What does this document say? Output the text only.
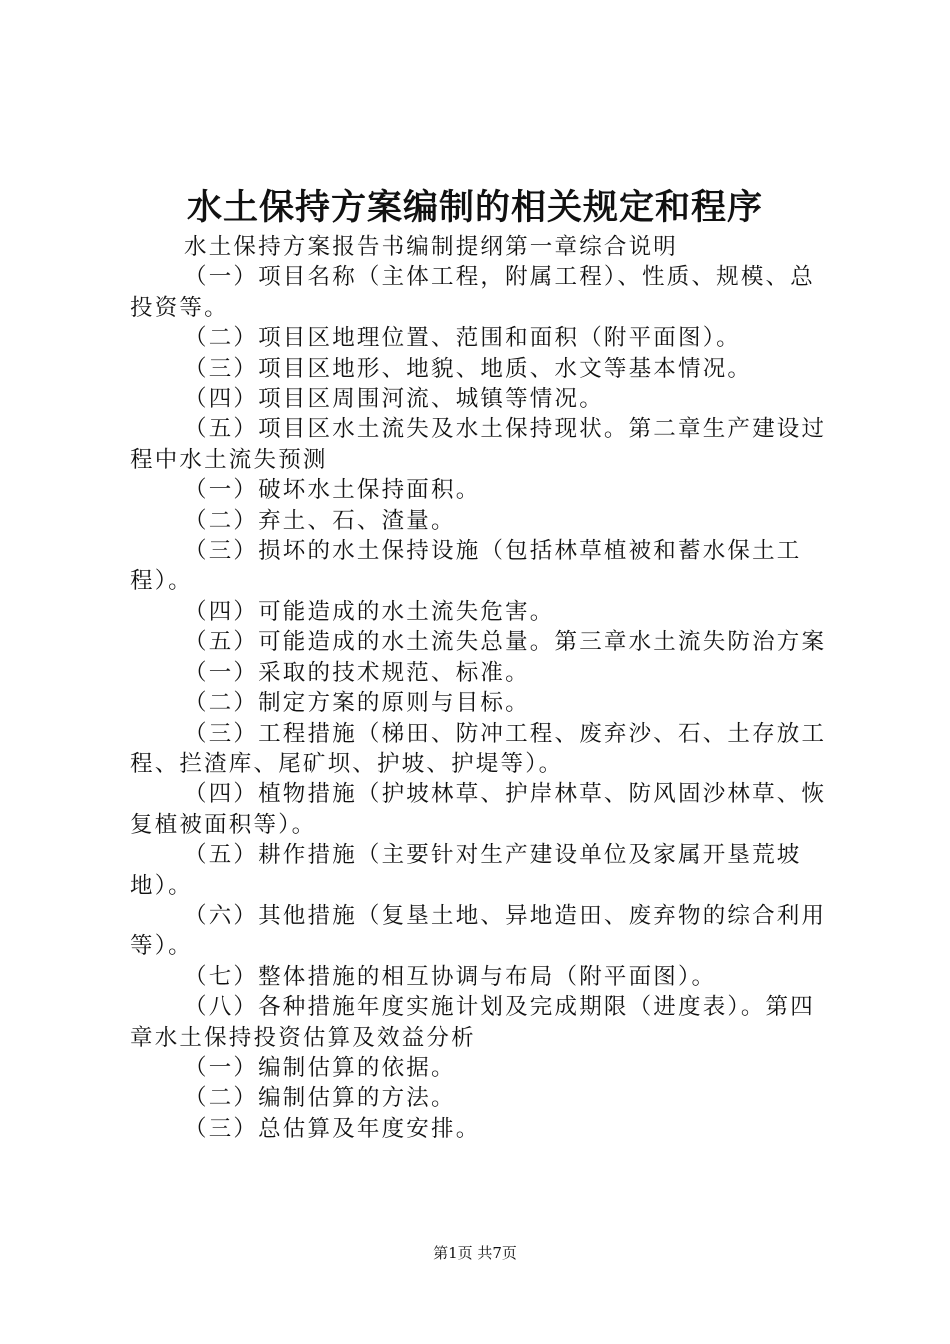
水土保持方案编制的相关规定和程序

水土保持方案报告书编制提纲第一章综合说明

（一）项目名称（主体工程，附属工程）、性质、规模、总投资等。

（二）项目区地理位置、范围和面积（附平面图）。

（三）项目区地形、地貌、地质、水文等基本情况。

（四）项目区周围河流、城镇等情况。

（五）项目区水土流失及水土保持现状。第二章生产建设过程中水土流失预测

（一）破坏水土保持面积。

（二）弃土、石、渣量。

（三）损坏的水土保持设施（包括林草植被和蓄水保土工程）。

（四）可能造成的水土流失危害。

（五）可能造成的水土流失总量。第三章水土流失防治方案

（一）采取的技术规范、标准。

（二）制定方案的原则与目标。

（三）工程措施（梯田、防冲工程、废弃沙、石、土存放工程、拦渣库、尾矿坝、护坡、护堤等）。

（四）植物措施（护坡林草、护岸林草、防风固沙林草、恢复植被面积等）。

（五）耕作措施（主要针对生产建设单位及家属开垦荒坡地）。

（六）其他措施（复垦土地、异地造田、废弃物的综合利用等）。

（七）整体措施的相互协调与布局（附平面图）。

（八）各种措施年度实施计划及完成期限（进度表）。第四章水土保持投资估算及效益分析

（一）编制估算的依据。

（二）编制估算的方法。

（三）总估算及年度安排。

第1页 共7页
